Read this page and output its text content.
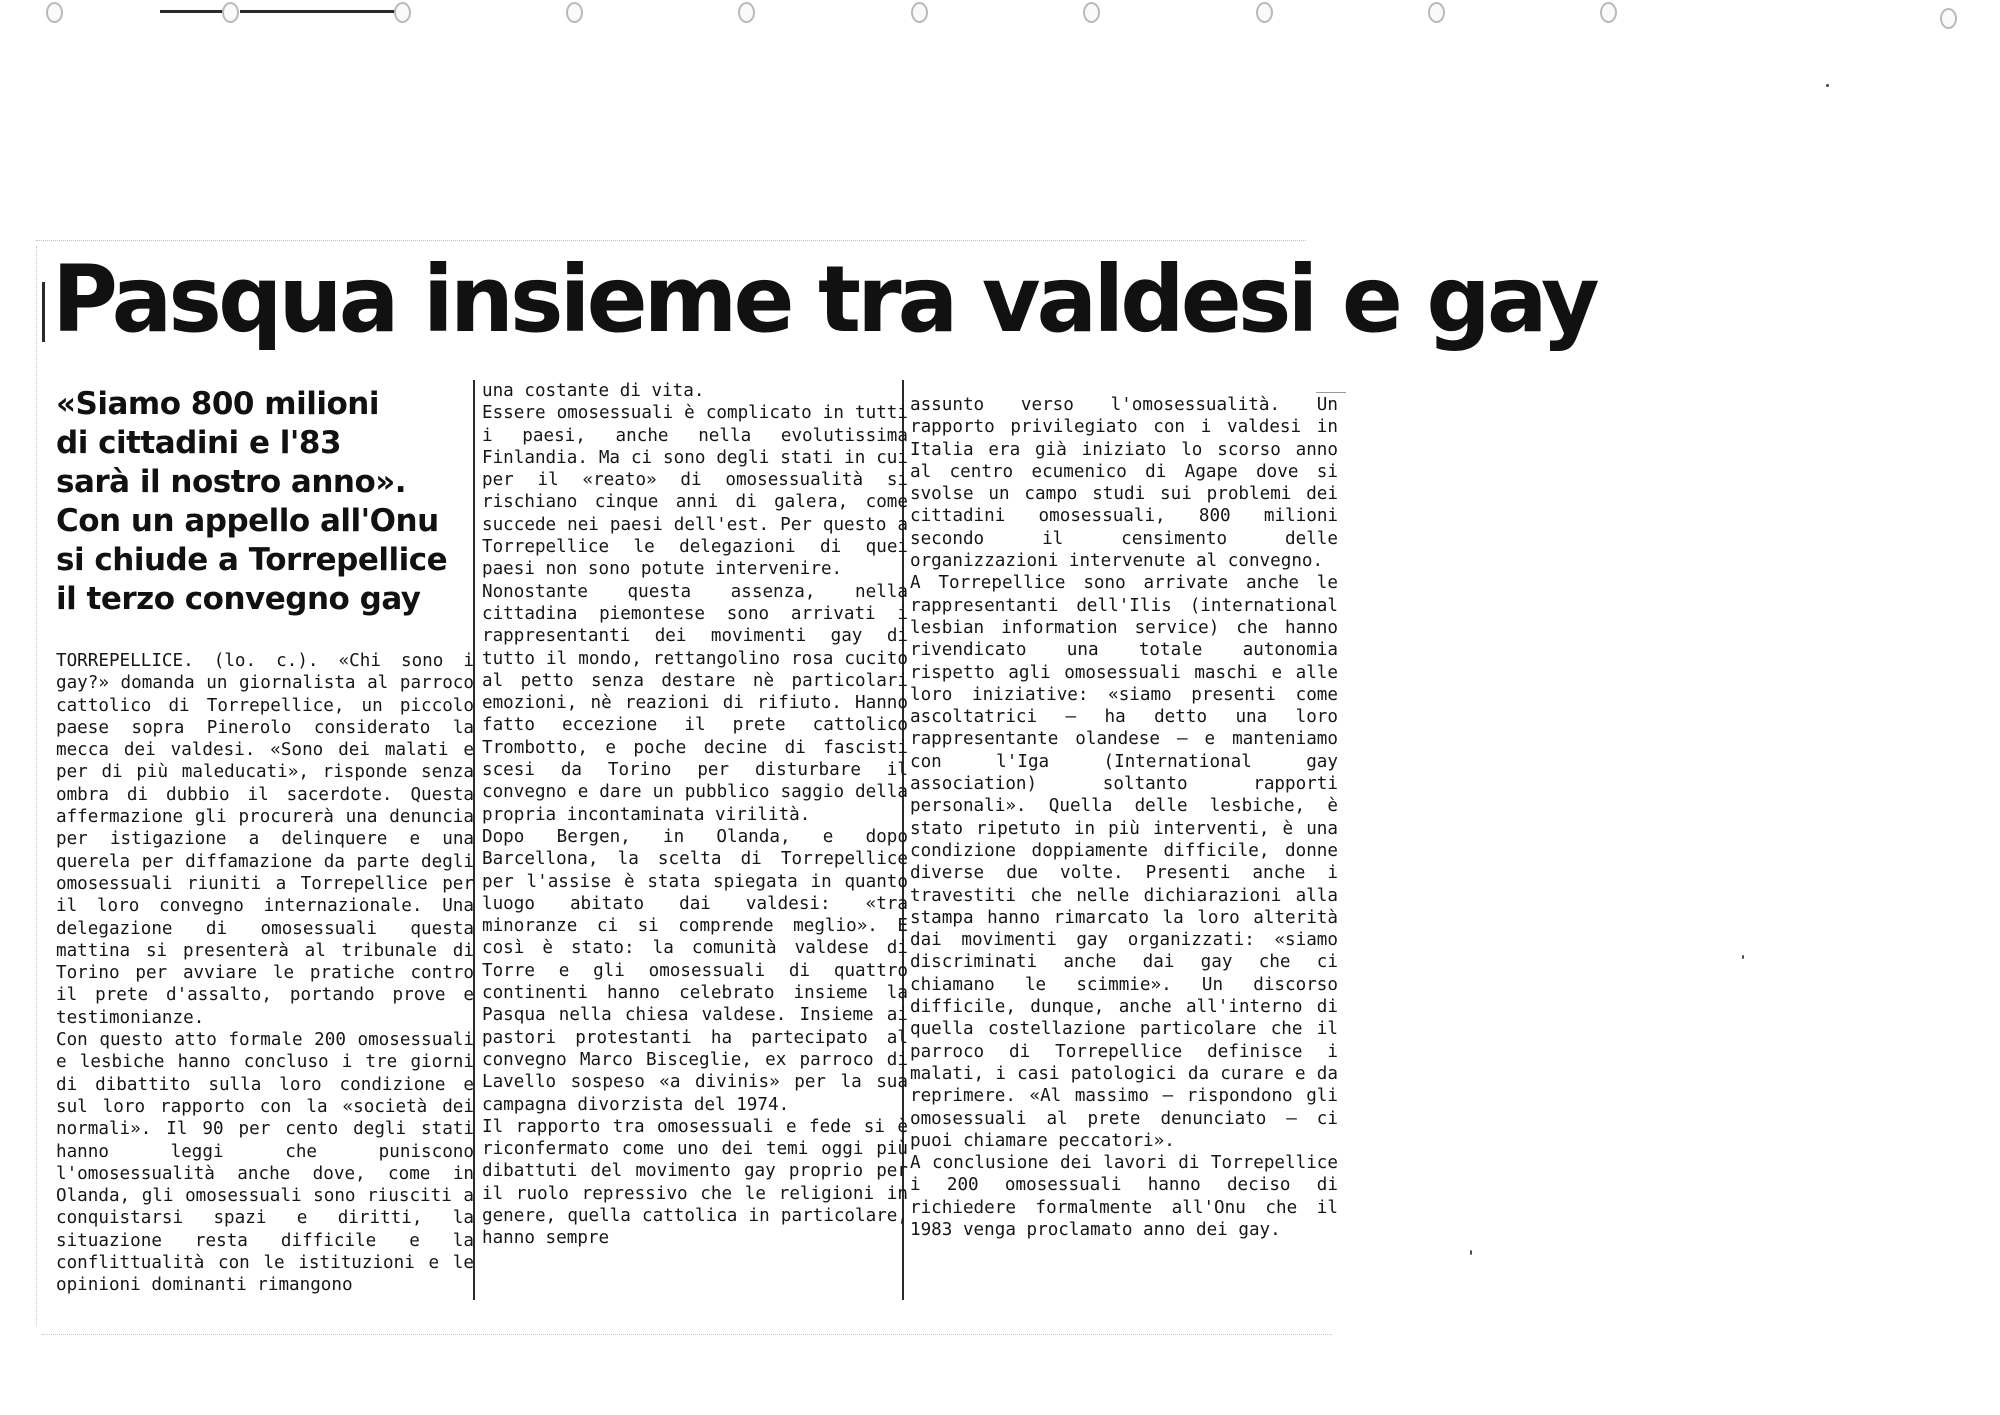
Pasqua insieme tra valdesi e gay
«Siamo 800 milioni
di cittadini e l'83
sarà il nostro anno».
Con un appello all'Onu
si chiude a Torrepellice
il terzo convegno gay

TORREPELLICE. (lo. c.). «Chi sono i gay?» domanda un giornalista al parroco cattolico di Torrepellice, un piccolo paese sopra Pinerolo considerato la mecca dei valdesi. «Sono dei malati e per di più maleducati», risponde senza ombra di dubbio il sacerdote. Questa affermazione gli procurerà una denuncia per istigazione a delinquere e una querela per diffamazione da parte degli omosessuali riuniti a Torrepellice per il loro convegno internazionale. Una delegazione di omosessuali questa mattina si presenterà al tribunale di Torino per avviare le pratiche contro il prete d'assalto, portando prove e testimonianze.

Con questo atto formale 200 omosessuali e lesbiche hanno concluso i tre giorni di dibattito sulla loro condizione e sul loro rapporto con la «società dei normali». Il 90 per cento degli stati hanno leggi che puniscono l'omosessualità anche dove, come in Olanda, gli omosessuali sono riusciti a conquistarsi spazi e diritti, la situazione resta difficile e la conflittualità con le istituzioni e le opinioni dominanti rimangono

una costante di vita.

Essere omosessuali è complicato in tutti i paesi, anche nella evolutissima Finlandia. Ma ci sono degli stati in cui per il «reato» di omosessualità si rischiano cinque anni di galera, come succede nei paesi dell'est. Per questo a Torrepellice le delegazioni di quei paesi non sono potute intervenire.

Nonostante questa assenza, nella cittadina piemontese sono arrivati i rappresentanti dei movimenti gay di tutto il mondo, rettangolino rosa cucito al petto senza destare nè particolari emozioni, nè reazioni di rifiuto. Hanno fatto eccezione il prete cattolico Trombotto, e poche decine di fascisti scesi da Torino per disturbare il convegno e dare un pubblico saggio della propria incontaminata virilità.

Dopo Bergen, in Olanda, e dopo Barcellona, la scelta di Torrepellice per l'assise è stata spiegata in quanto luogo abitato dai valdesi: «tra minoranze ci si comprende meglio». E così è stato: la comunità valdese di Torre e gli omosessuali di quattro continenti hanno celebrato insieme la Pasqua nella chiesa valdese. Insieme ai pastori protestanti ha partecipato al convegno Marco Bisceglie, ex parroco di Lavello sospeso «a divinis» per la sua campagna divorzista del 1974.

Il rapporto tra omosessuali e fede si è riconfermato come uno dei temi oggi più dibattuti del movimento gay proprio per il ruolo repressivo che le religioni in genere, quella cattolica in particolare, hanno sempre

assunto verso l'omosessualità. Un rapporto privilegiato con i valdesi in Italia era già iniziato lo scorso anno al centro ecumenico di Agape dove si svolse un campo studi sui problemi dei cittadini omosessuali, 800 milioni secondo il censimento delle organizzazioni intervenute al convegno.

A Torrepellice sono arrivate anche le rappresentanti dell'Ilis (international lesbian information service) che hanno rivendicato una totale autonomia rispetto agli omosessuali maschi e alle loro iniziative: «siamo presenti come ascoltatrici — ha detto una loro rappresentante olandese — e manteniamo con l'Iga (International gay association) soltanto rapporti personali». Quella delle lesbiche, è stato ripetuto in più interventi, è una condizione doppiamente difficile, donne diverse due volte. Presenti anche i travestiti che nelle dichiarazioni alla stampa hanno rimarcato la loro alterità dai movimenti gay organizzati: «siamo discriminati anche dai gay che ci chiamano le scimmie». Un discorso difficile, dunque, anche all'interno di quella costellazione particolare che il parroco di Torrepellice definisce i malati, i casi patologici da curare e da reprimere. «Al massimo — rispondono gli omosessuali al prete denunciato — ci puoi chiamare peccatori».

A conclusione dei lavori di Torrepellice i 200 omosessuali hanno deciso di richiedere formalmente all'Onu che il 1983 venga proclamato anno dei gay.
